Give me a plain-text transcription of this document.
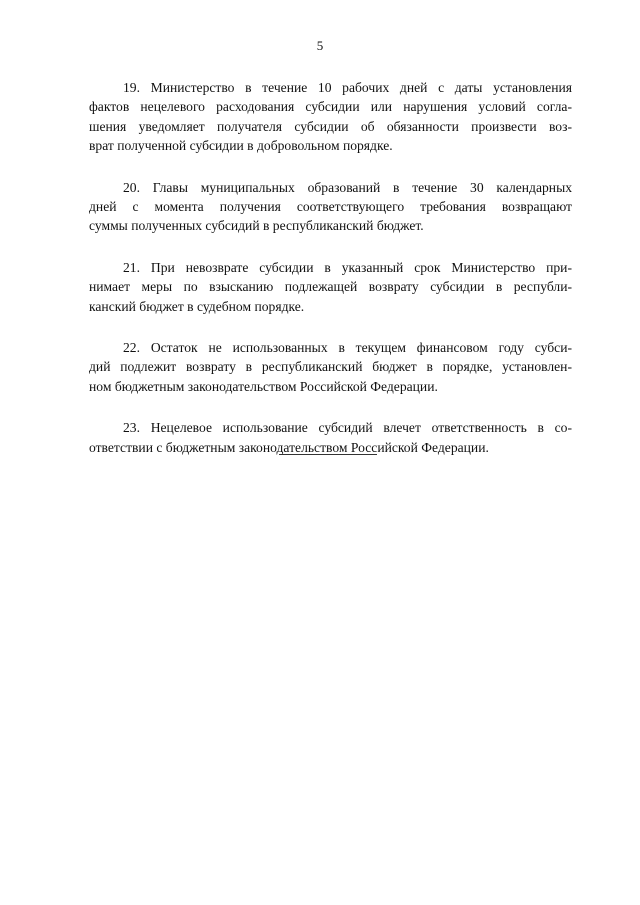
5

19. Министерство в течение 10 рабочих дней с даты установления
фактов нецелевого расходования субсидии или нарушения условий согла-
шения уведомляет получателя субсидии об обязанности произвести воз-
врат полученной субсидии в добровольном порядке.

20. Главы муниципальных образований в течение 30 календарных
дней с момента получения соответствующего требования возвращают
суммы полученных субсидий в республиканский бюджет.

21. При невозврате субсидии в указанный срок Министерство при-
нимает меры по взысканию подлежащей возврату субсидии в республи-
канский бюджет в судебном порядке.

22. Остаток не использованных в текущем финансовом году субси-
дий подлежит возврату в республиканский бюджет в порядке, установлен-
ном бюджетным законодательством Российской Федерации.

23. Нецелевое использование субсидий влечет ответственность в со-
ответствии с бюджетным законодательством Российской Федерации.
